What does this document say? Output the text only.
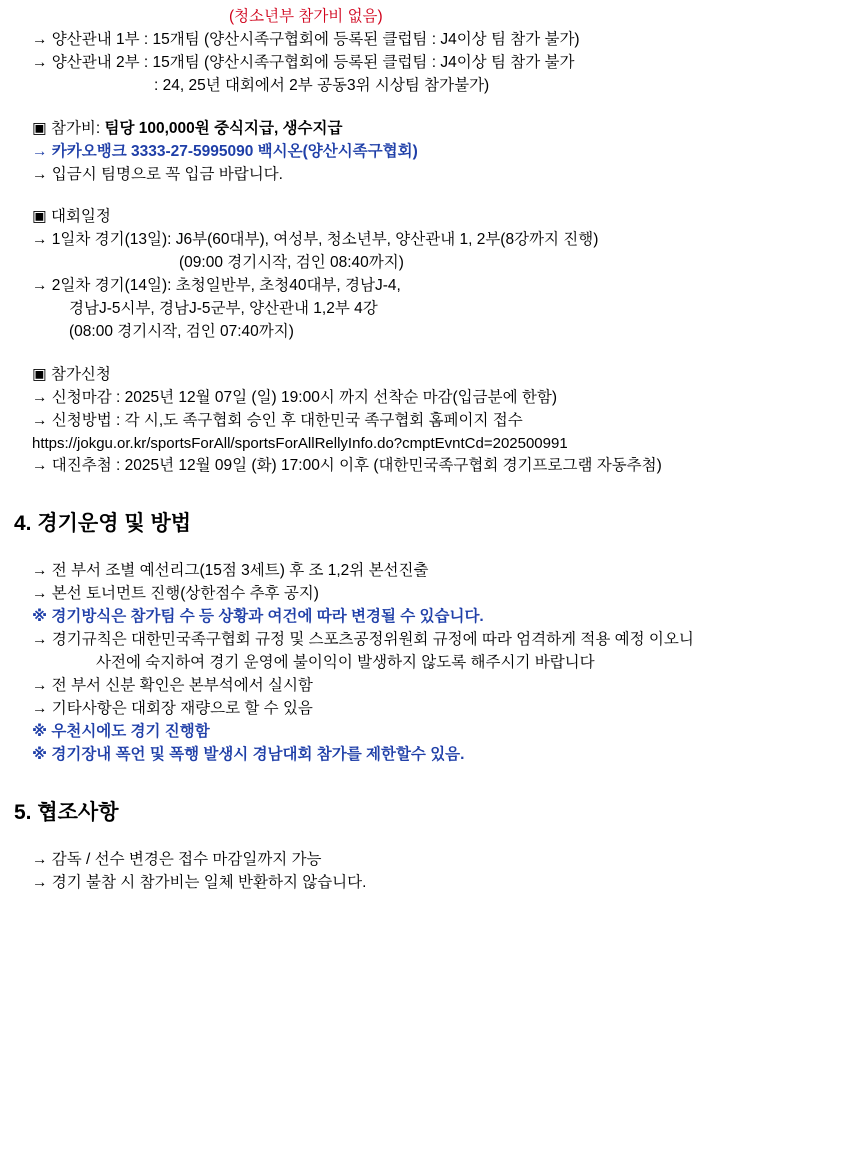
(청소년부 참가비 없음)
→ 양산관내 1부 : 15개팀 (양산시족구협회에 등록된 클럽팀 : J4이상 팀 참가 불가)
→ 양산관내 2부 : 15개팀 (양산시족구협회에 등록된 클럽팀 : J4이상 팀 참가 불가
: 24, 25년 대회에서 2부 공동3위 시상팀 참가불가)
▣ 참가비: 팀당 100,000원 중식지급, 생수지급
→ 카카오뱅크 3333-27-5995090 백시온(양산시족구협회)
→ 입금시 팀명으로 꼭 입금 바랍니다.
▣ 대회일정
→ 1일차 경기(13일): J6부(60대부), 여성부, 청소년부, 양산관내 1, 2부(8강까지 진행)
(09:00 경기시작, 검인 08:40까지)
→ 2일차 경기(14일): 초청일반부, 초청40대부, 경남J-4,
경남J-5시부, 경남J-5군부, 양산관내 1,2부 4강
(08:00 경기시작, 검인 07:40까지)
▣ 참가신청
→ 신청마감 : 2025년 12월 07일 (일) 19:00시 까지 선착순 마감(입금분에 한함)
→ 신청방법 : 각 시,도 족구협회 승인 후 대한민국 족구협회 홈페이지 접수
https://jokgu.or.kr/sportsForAll/sportsForAllRellyInfo.do?cmptEvntCd=202500991
→ 대진추첨 : 2025년 12월 09일 (화) 17:00시 이후 (대한민국족구협회 경기프로그램 자동추첨)
4. 경기운영 및 방법
→ 전 부서 조별 예선리그(15점 3세트) 후 조 1,2위 본선진출
→ 본선 토너먼트 진행(상한점수 추후 공지)
※ 경기방식은 참가팀 수 등 상황과 여건에 따라 변경될 수 있습니다.
→ 경기규칙은 대한민국족구협회 규정 및 스포츠공정위원회 규정에 따라 엄격하게 적용 예정 이오니
사전에 숙지하여 경기 운영에 불이익이 발생하지 않도록 해주시기 바랍니다
→ 전 부서 신분 확인은 본부석에서 실시함
→ 기타사항은 대회장 재량으로 할 수 있음
※ 우천시에도 경기 진행함
※ 경기장내 폭언 및 폭행 발생시 경남대회 참가를 제한할수 있음.
5. 협조사항
→ 감독 / 선수 변경은 접수 마감일까지 가능
→ 경기 불참 시 참가비는 일체 반환하지 않습니다.
